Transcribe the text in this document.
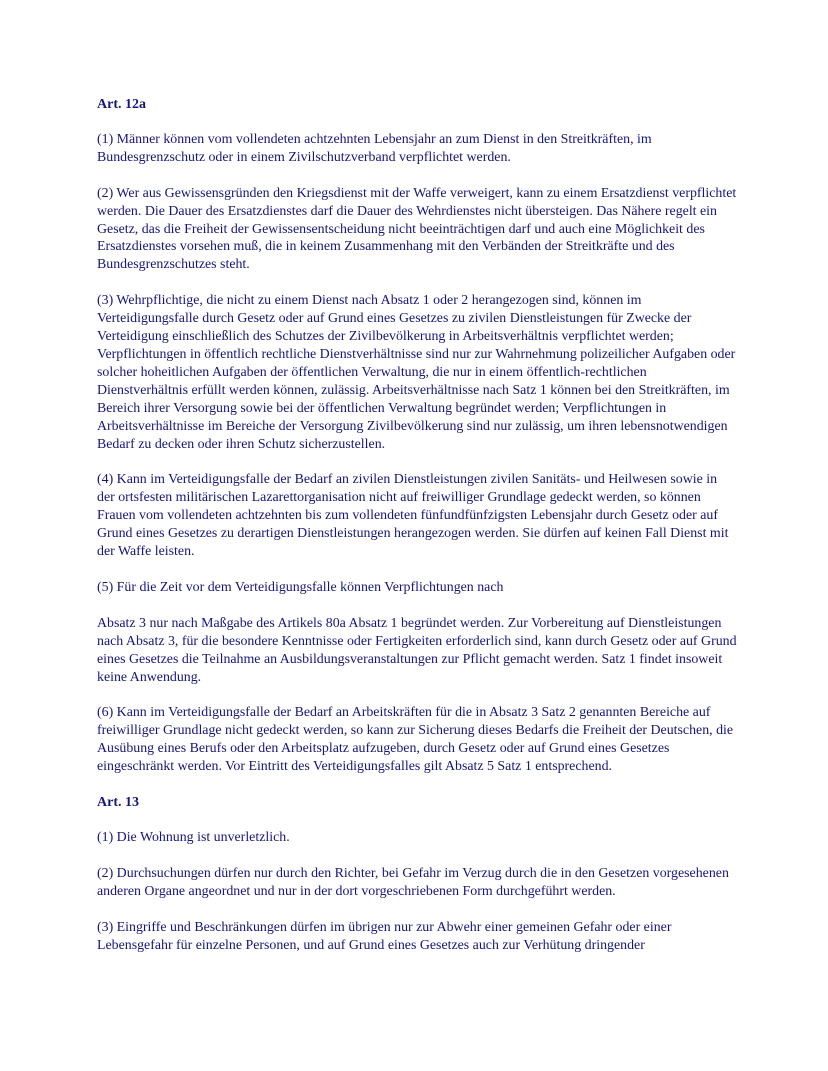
Art. 12a

(1) Männer können vom vollendeten achtzehnten Lebensjahr an zum Dienst in den Streitkräften, im Bundesgrenzschutz oder in einem Zivilschutzverband verpflichtet werden.

(2) Wer aus Gewissensgründen den Kriegsdienst mit der Waffe verweigert, kann zu einem Ersatzdienst verpflichtet werden. Die Dauer des Ersatzdienstes darf die Dauer des Wehrdienstes nicht übersteigen. Das Nähere regelt ein Gesetz, das die Freiheit der Gewissensentscheidung nicht beeinträchtigen darf und auch eine Möglichkeit des Ersatzdienstes vorsehen muß, die in keinem Zusammenhang mit den Verbänden der Streitkräfte und des Bundesgrenzschutzes steht.

(3) Wehrpflichtige, die nicht zu einem Dienst nach Absatz 1 oder 2 herangezogen sind, können im Verteidigungsfalle durch Gesetz oder auf Grund eines Gesetzes zu zivilen Dienstleistungen für Zwecke der Verteidigung einschließlich des Schutzes der Zivilbevölkerung in Arbeitsverhältnis verpflichtet werden; Verpflichtungen in öffentlich rechtliche Dienstverhältnisse sind nur zur Wahrnehmung polizeilicher Aufgaben oder solcher hoheitlichen Aufgaben der öffentlichen Verwaltung, die nur in einem öffentlich-rechtlichen Dienstverhältnis erfüllt werden können, zulässig. Arbeitsverhältnisse nach Satz 1 können bei den Streitkräften, im Bereich ihrer Versorgung sowie bei der öffentlichen Verwaltung begründet werden; Verpflichtungen in Arbeitsverhältnisse im Bereiche der Versorgung Zivilbevölkerung sind nur zulässig, um ihren lebensnotwendigen Bedarf zu decken oder ihren Schutz sicherzustellen.

(4) Kann im Verteidigungsfalle der Bedarf an zivilen Dienstleistungen zivilen Sanitäts- und Heilwesen sowie in der ortsfesten militärischen Lazarettorganisation nicht auf freiwilliger Grundlage gedeckt werden, so können Frauen vom vollendeten achtzehnten bis zum vollendeten fünfundfünfzigsten Lebensjahr durch Gesetz oder auf Grund eines Gesetzes zu derartigen Dienstleistungen herangezogen werden. Sie dürfen auf keinen Fall Dienst mit der Waffe leisten.

(5) Für die Zeit vor dem Verteidigungsfalle können Verpflichtungen nach

Absatz 3 nur nach Maßgabe des Artikels 80a Absatz 1 begründet werden. Zur Vorbereitung auf Dienstleistungen nach Absatz 3, für die besondere Kenntnisse oder Fertigkeiten erforderlich sind, kann durch Gesetz oder auf Grund eines Gesetzes die Teilnahme an Ausbildungsveranstaltungen zur Pflicht gemacht werden. Satz 1 findet insoweit keine Anwendung.

(6) Kann im Verteidigungsfalle der Bedarf an Arbeitskräften für die in Absatz 3 Satz 2 genannten Bereiche auf freiwilliger Grundlage nicht gedeckt werden, so kann zur Sicherung dieses Bedarfs die Freiheit der Deutschen, die Ausübung eines Berufs oder den Arbeitsplatz aufzugeben, durch Gesetz oder auf Grund eines Gesetzes eingeschränkt werden. Vor Eintritt des Verteidigungsfalles gilt Absatz 5 Satz 1 entsprechend.

Art. 13

(1) Die Wohnung ist unverletzlich.

(2) Durchsuchungen dürfen nur durch den Richter, bei Gefahr im Verzug durch die in den Gesetzen vorgesehenen anderen Organe angeordnet und nur in der dort vorgeschriebenen Form durchgeführt werden.

(3) Eingriffe und Beschränkungen dürfen im übrigen nur zur Abwehr einer gemeinen Gefahr oder einer Lebensgefahr für einzelne Personen, und auf Grund eines Gesetzes auch zur Verhütung dringender
